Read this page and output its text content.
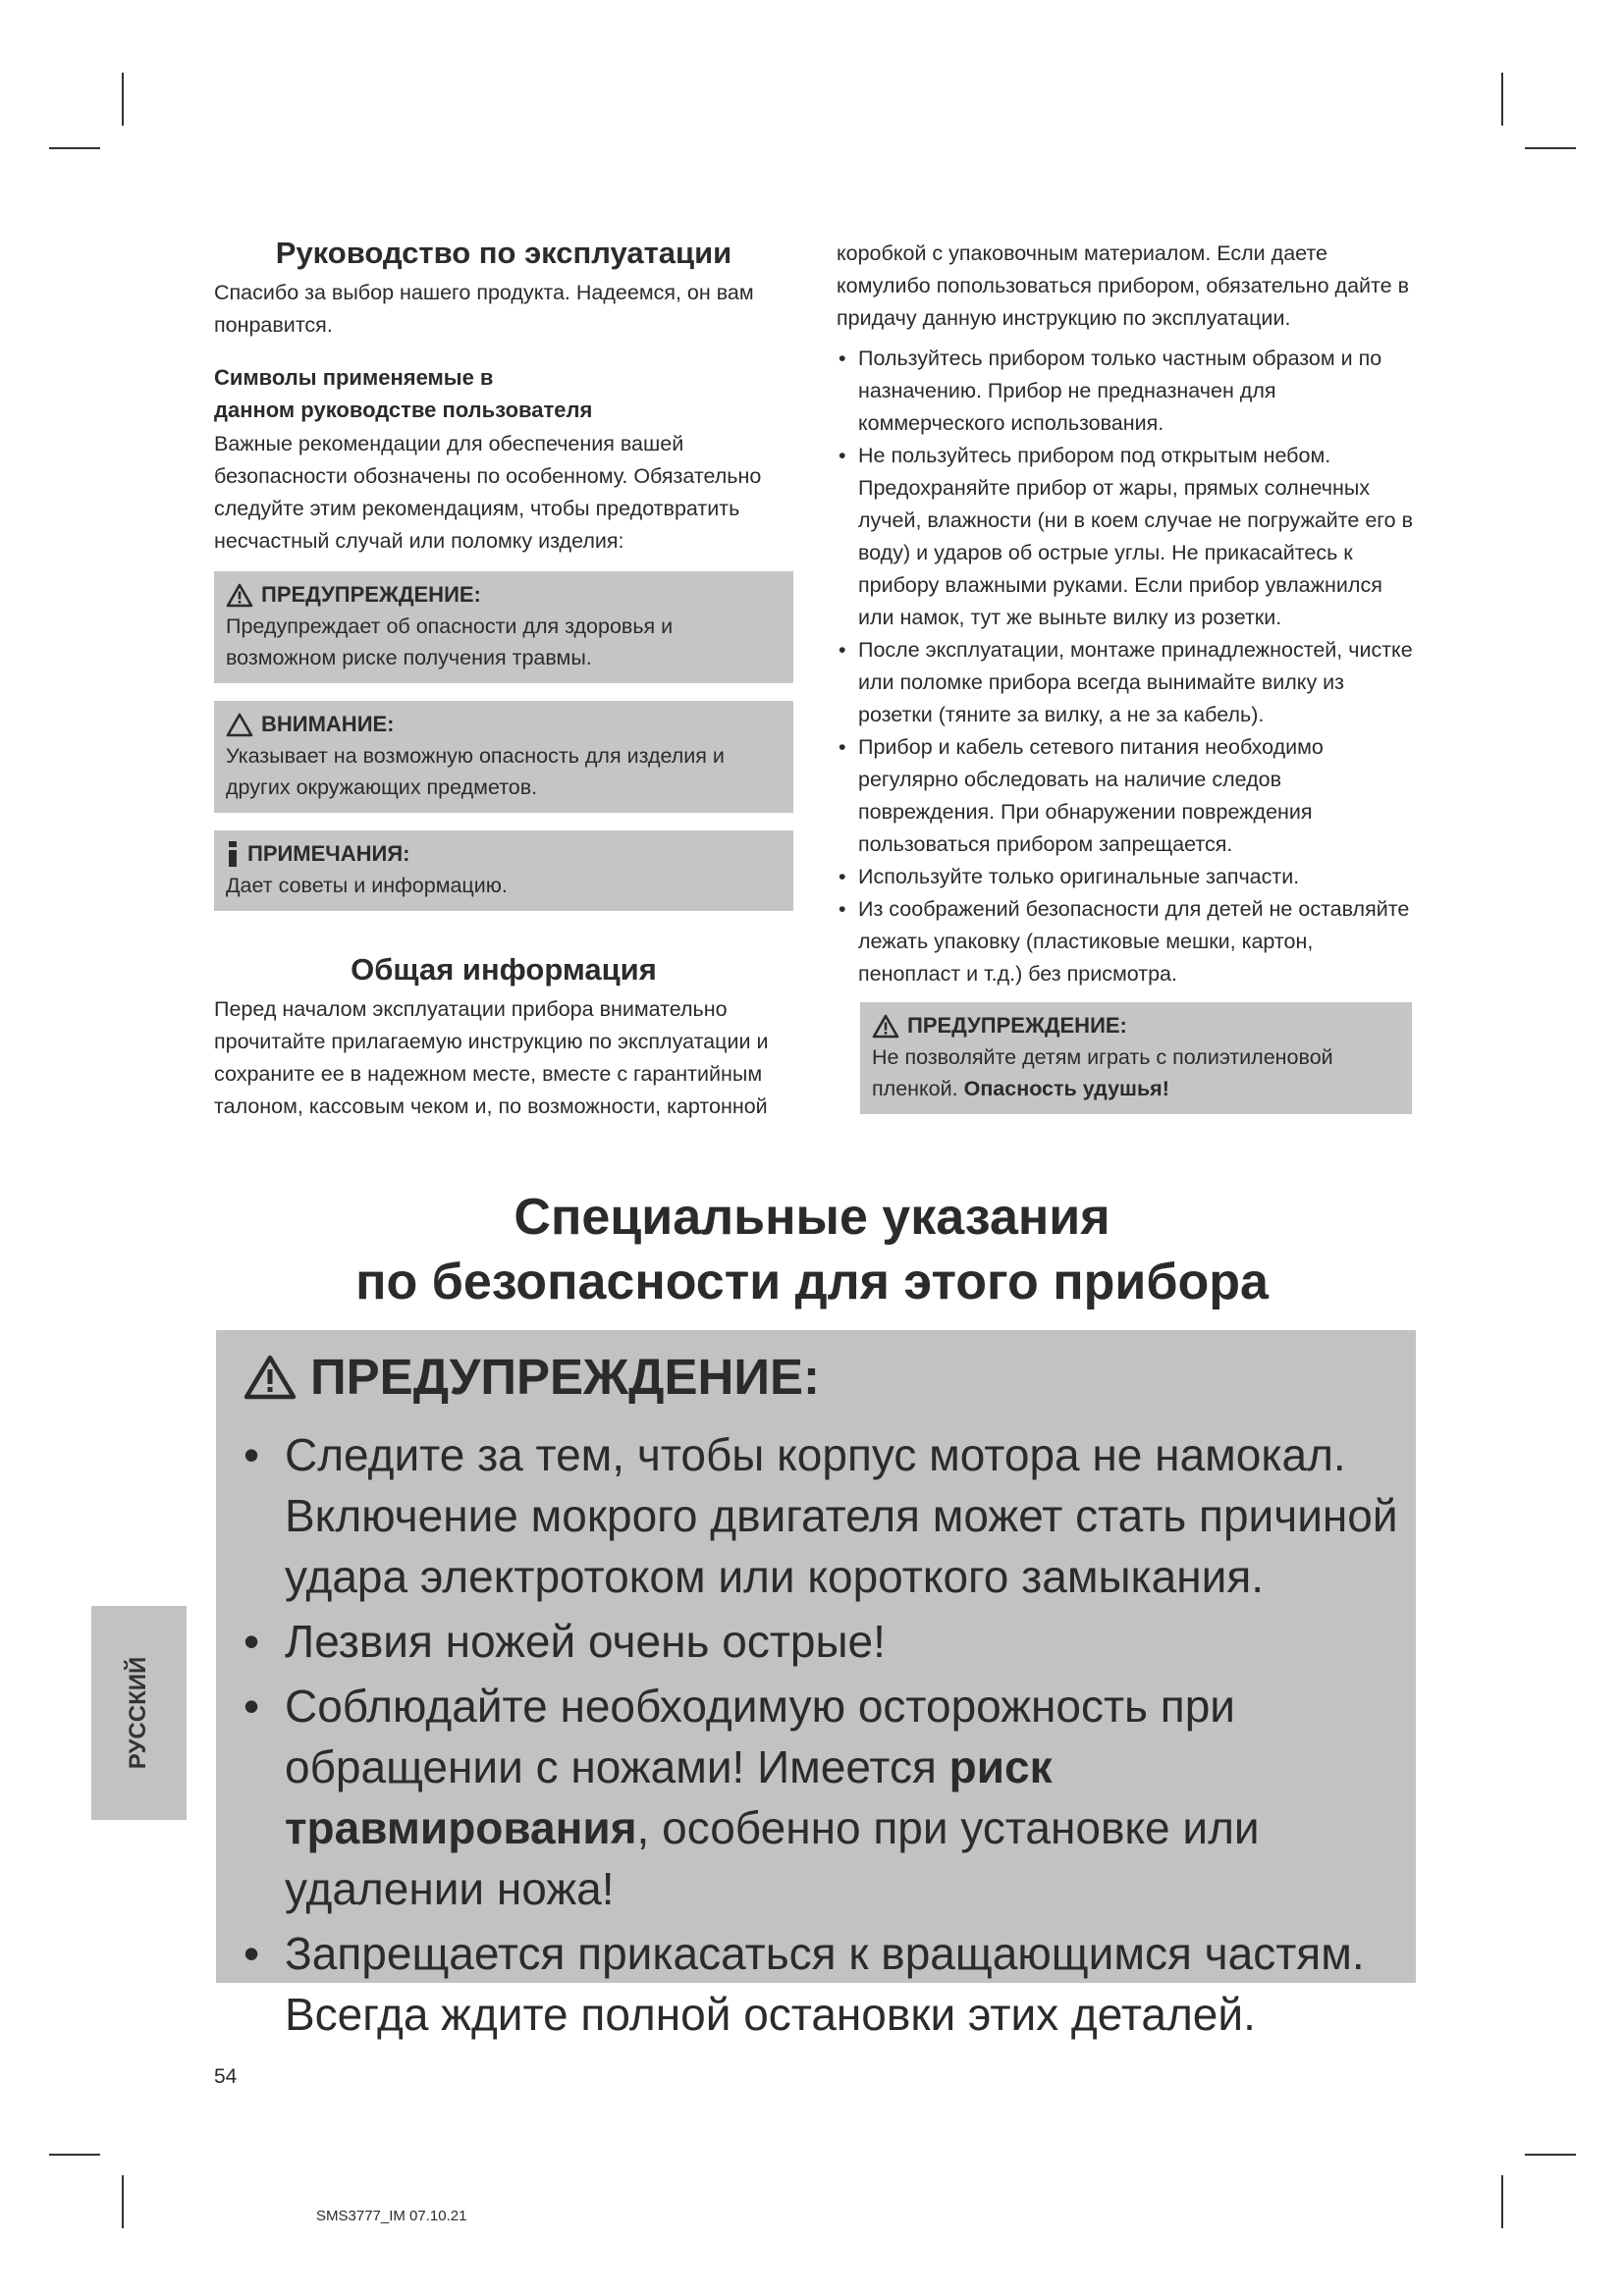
Руководство по эксплуатации

Спасибо за выбор нашего продукта. Надеемся, он вам понравится.

Символы применяемые в
данном руководстве пользователя

Важные рекомендации для обеспечения вашей безопасности обозначены по особенному. Обязательно следуйте этим рекомендациям, чтобы предотвратить несчастный случай или поломку изделия:

ПРЕДУПРЕЖДЕНИЕ:

Предупреждает об опасности для здоровья и возможном риске получения травмы.

ВНИМАНИЕ:

Указывает на возможную опасность для изделия и других окружающих предметов.

ПРИМЕЧАНИЯ:

Дает советы и информацию.

Общая информация

Перед началом эксплуатации прибора внимательно прочитайте прилагаемую инструкцию по эксплуатации и сохраните ее в надежном месте, вместе с гарантийным талоном, кассовым чеком и, по возможности, картонной

коробкой с упаковочным материалом. Если даете комулибо попользоваться прибором, обязательно дайте в придачу данную инструкцию по эксплуатации.

• Пользуйтесь прибором только частным образом и по назначению. Прибор не предназначен для коммерческого использования.
• Не пользуйтесь прибором под открытым небом. Предохраняйте прибор от жары, прямых солнечных лучей, влажности (ни в коем случае не погружайте его в воду) и ударов об острые углы. Не прикасайтесь к прибору влажными руками. Если прибор увлажнился или намок, тут же выньте вилку из розетки.
• После эксплуатации, монтаже принадлежностей, чистке или поломке прибора всегда вынимайте вилку из розетки (тяните за вилку, а не за кабель).
• Прибор и кабель сетевого питания необходимо регулярно обследовать на наличие следов повреждения. При обнаружении повреждения пользоваться прибором запрещается.
• Используйте только оригинальные запчасти.
• Из соображений безопасности для детей не оставляйте лежать упаковку (пластиковые мешки, картон, пенопласт и т.д.) без присмотра.
ПРЕДУПРЕЖДЕНИЕ:

Не позволяйте детям играть с полиэтиленовой пленкой. Опасность удушья!

Специальные указания
по безопасности для этого прибора
ПРЕДУПРЕЖДЕНИЕ:
• Следите за тем, чтобы корпус мотора не намокал. Включение мокрого двигателя может стать причиной удара электротоком или короткого замыкания.
• Лезвия ножей очень острые!
• Соблюдайте необходимую осторожность при обращении с ножами! Имеется риск травмирования, особенно при установке или удалении ножа!
• Запрещается прикасаться к вращающимся частям. Всегда ждите полной остановки этих деталей.
РУССКИЙ
54
SMS3777_IM 07.10.21
